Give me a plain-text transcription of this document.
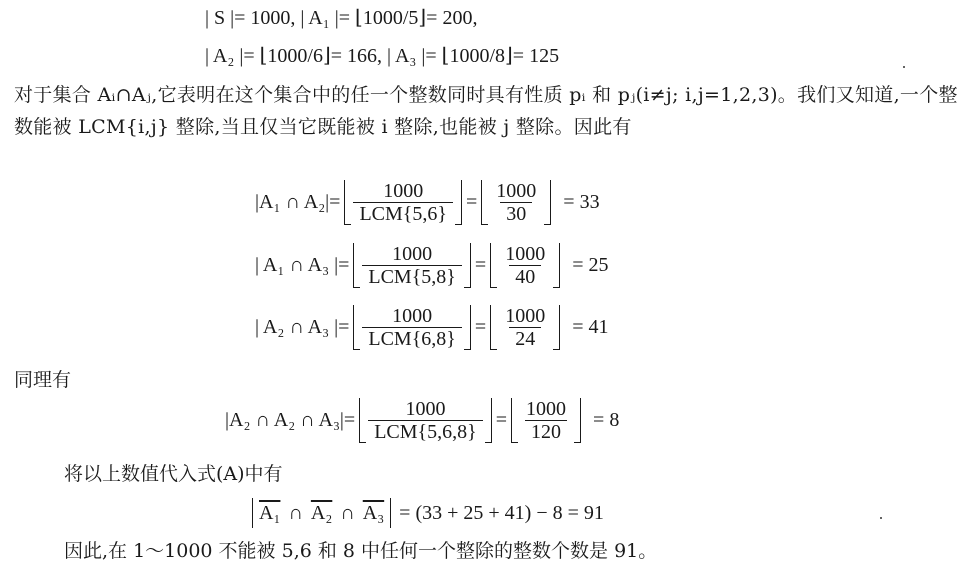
| S |= 1000, | A₁ |= ⌊1000/5⌋= 200,
| A₂ |= ⌊1000/6⌋= 166, | A₃ |= ⌊1000/8⌋= 125
对于集合 Aᵢ∩Aⱼ,它表明在这个集合中的任一个整数同时具有性质 pᵢ 和 pⱼ(i≠j; i,j=1,2,3)。我们又知道,一个整数能被 LCM{i,j} 整除,当且仅当它既能被 i 整除,也能被 j 整除。因此有
|A₁ ∩ $A_2|= \frac{1000}{\text{LCM\{5,6\}}} = \frac{1000}{30} = 33$
| A₁ ∩ A₃ |= $\frac{1000}{\text{LCM\{5,8\}}} = \frac{1000}{40} = 25$
| A₂ ∩ A₃ |= $\frac{1000}{\text{LCM\{6,8\}}} = \frac{1000}{24} = 41$
同理有
|A₂ ∩ A₂ ∩ $A_3|= \frac{1000}{\text{LCM\{5,6,8\}}} = \frac{1000}{120} = 8$
将以上数值代入式(A)中有
A₁ ∩ A₂ ∩ A₃ = (33 + 25 + 41) − 8 = 91
因此,在 1～1000 不能被 5,6 和 8 中任何一个整除的整数个数是 91。
